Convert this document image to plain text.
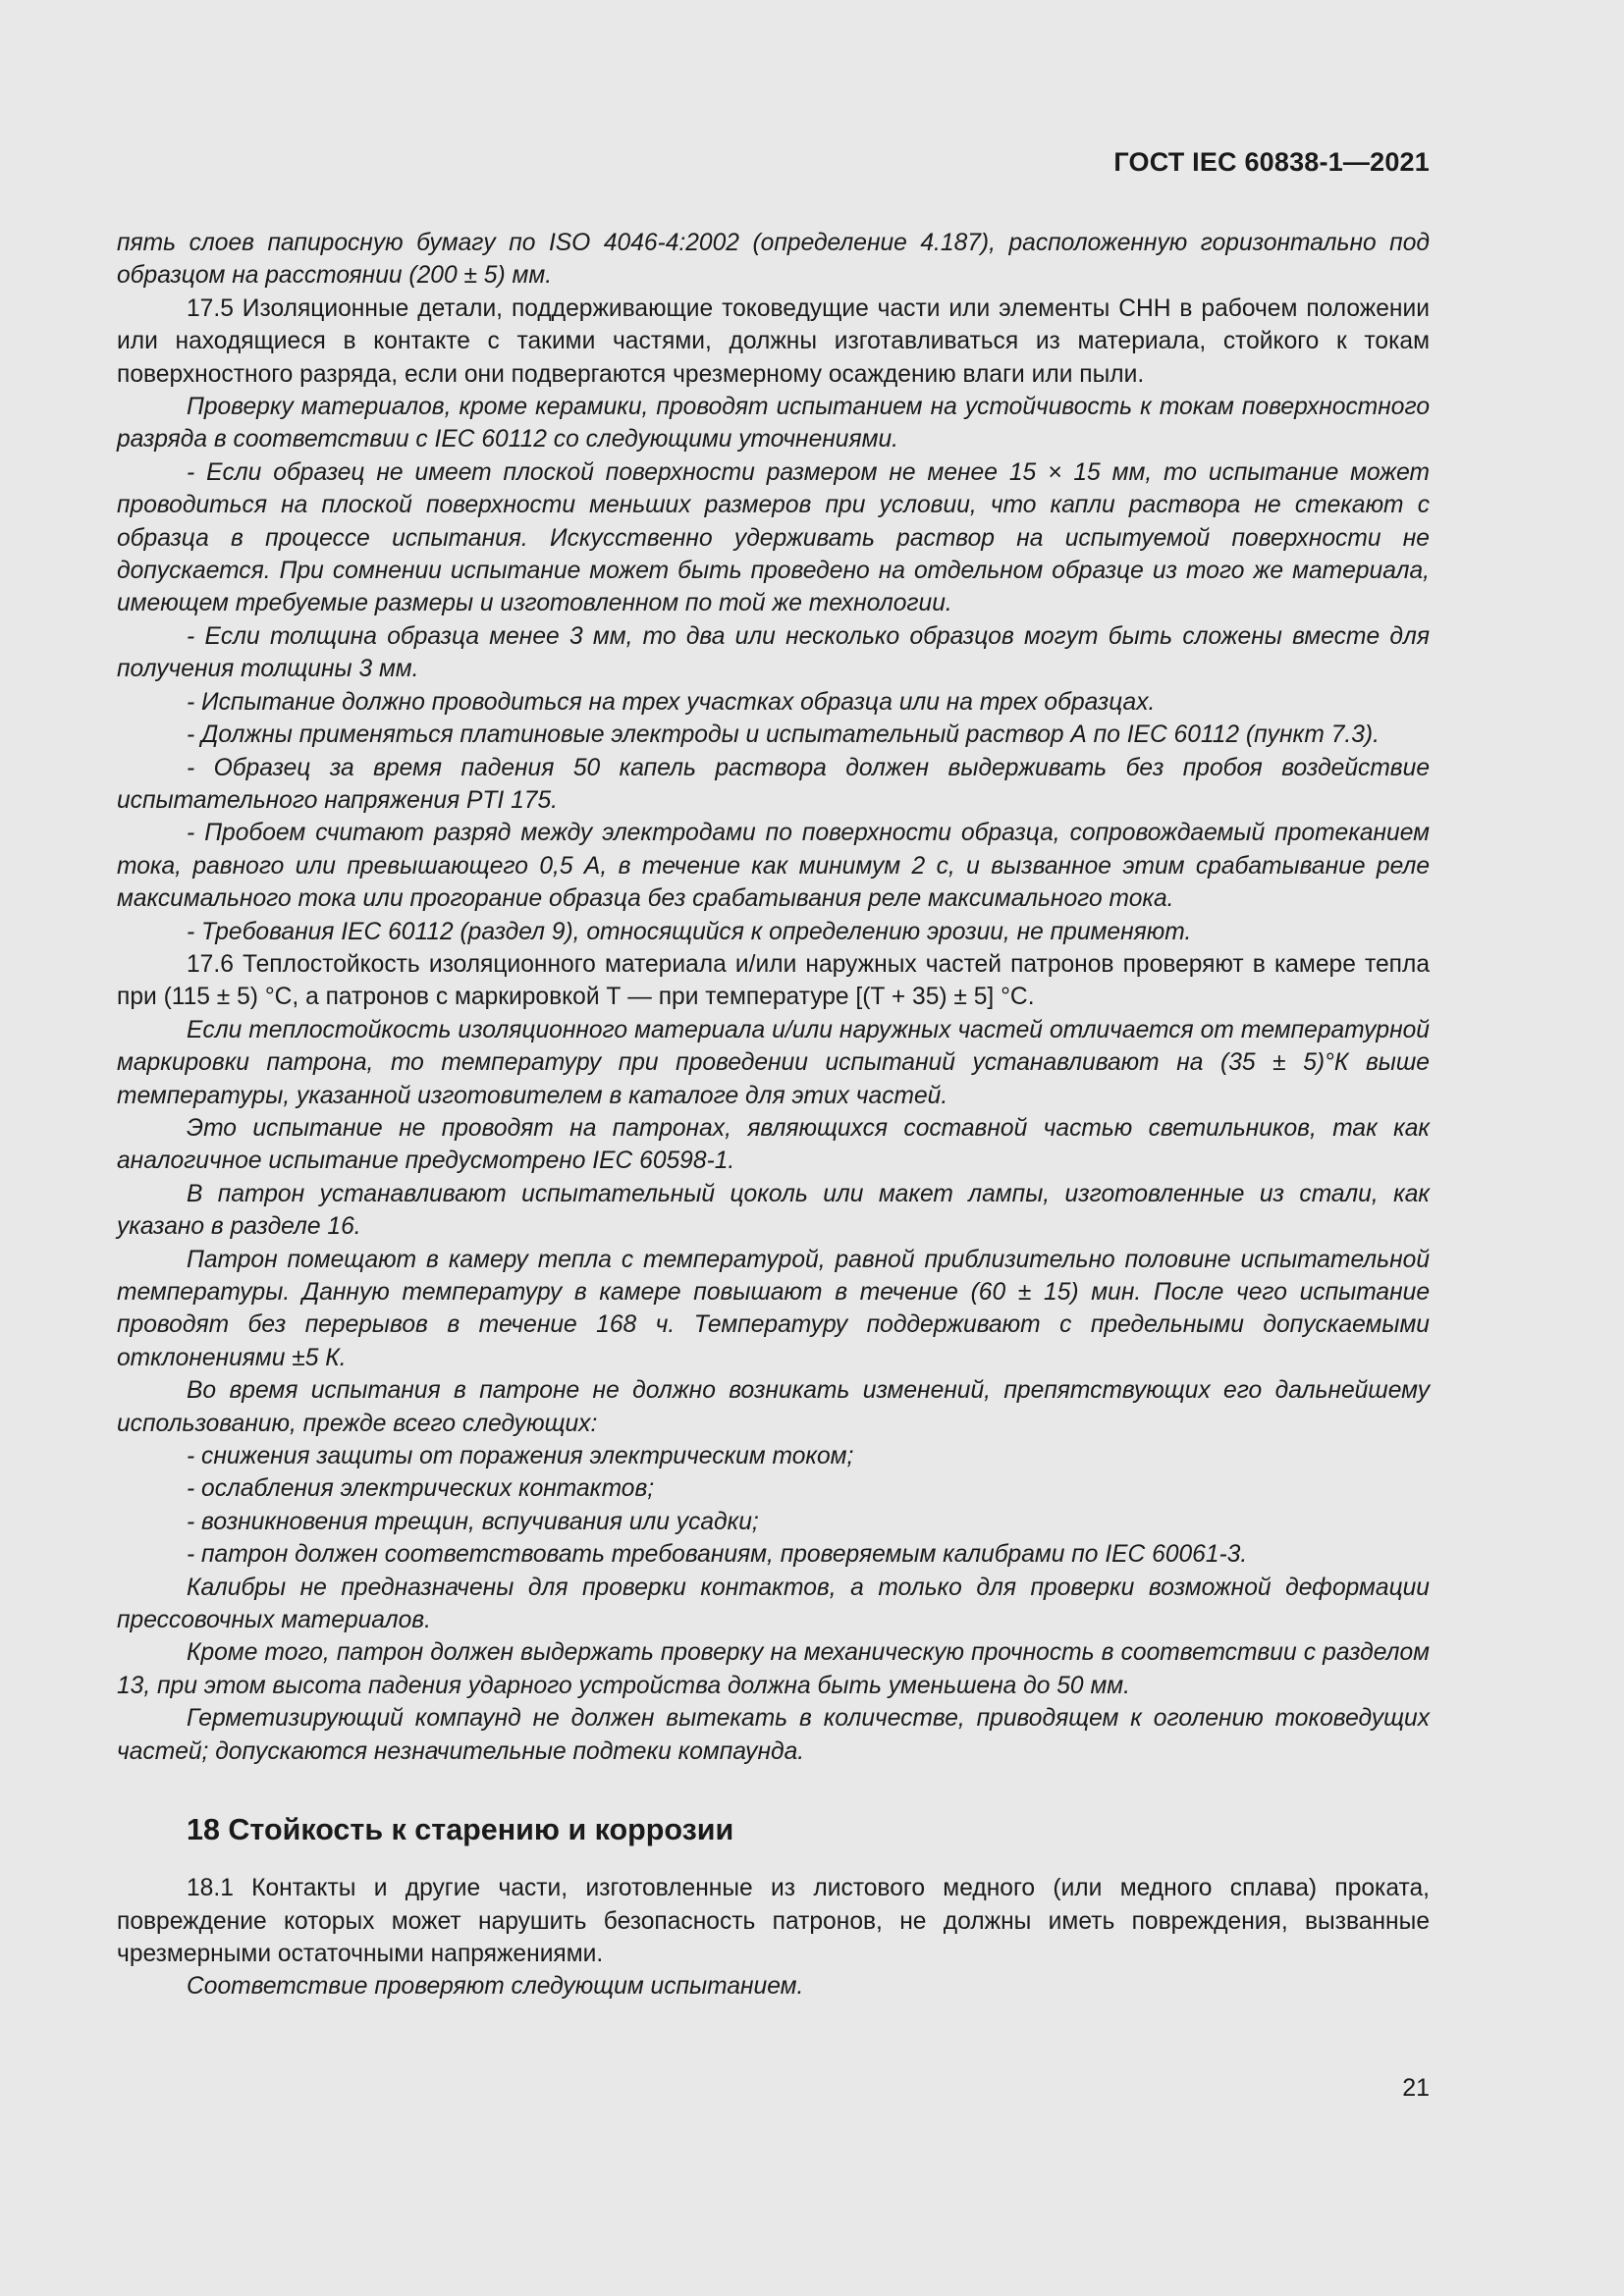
ГОСТ IEC 60838-1—2021

пять слоев папиросную бумагу по ISO 4046-4:2002 (определение 4.187), расположенную горизонтально под образцом на расстоянии (200 ± 5) мм.

17.5 Изоляционные детали, поддерживающие токоведущие части или элементы СНН в рабочем положении или находящиеся в контакте с такими частями, должны изготавливаться из материала, стойкого к токам поверхностного разряда, если они подвергаются чрезмерному осаждению влаги или пыли.

Проверку материалов, кроме керамики, проводят испытанием на устойчивость к токам поверхностного разряда в соответствии с IEC 60112 со следующими уточнениями.

- Если образец не имеет плоской поверхности размером не менее 15 × 15 мм, то испытание может проводиться на плоской поверхности меньших размеров при условии, что капли раствора не стекают с образца в процессе испытания. Искусственно удерживать раствор на испытуемой поверхности не допускается. При сомнении испытание может быть проведено на отдельном образце из того же материала, имеющем требуемые размеры и изготовленном по той же технологии.

- Если толщина образца менее 3 мм, то два или несколько образцов могут быть сложены вместе для получения толщины 3 мм.

- Испытание должно проводиться на трех участках образца или на трех образцах.

- Должны применяться платиновые электроды и испытательный раствор А по IEC 60112 (пункт 7.3).

- Образец за время падения 50 капель раствора должен выдерживать без пробоя воздействие испытательного напряжения PTI 175.

- Пробоем считают разряд между электродами по поверхности образца, сопровождаемый протеканием тока, равного или превышающего 0,5 А, в течение как минимум 2 с, и вызванное этим срабатывание реле максимального тока или прогорание образца без срабатывания реле максимального тока.

- Требования IEC 60112 (раздел 9), относящийся к определению эрозии, не применяют.

17.6 Теплостойкость изоляционного материала и/или наружных частей патронов проверяют в камере тепла при (115 ± 5) °С, а патронов с маркировкой Т — при температуре [(T + 35) ± 5] °C.

Если теплостойкость изоляционного материала и/или наружных частей отличается от температурной маркировки патрона, то температуру при проведении испытаний устанавливают на (35 ± 5)°К выше температуры, указанной изготовителем в каталоге для этих частей.

Это испытание не проводят на патронах, являющихся составной частью светильников, так как аналогичное испытание предусмотрено IEC 60598-1.

В патрон устанавливают испытательный цоколь или макет лампы, изготовленные из стали, как указано в разделе 16.

Патрон помещают в камеру тепла с температурой, равной приблизительно половине испытательной температуры. Данную температуру в камере повышают в течение (60 ± 15) мин. После чего испытание проводят без перерывов в течение 168 ч. Температуру поддерживают с предельными допускаемыми отклонениями ±5 К.

Во время испытания в патроне не должно возникать изменений, препятствующих его дальнейшему использованию, прежде всего следующих:

- снижения защиты от поражения электрическим током;

- ослабления электрических контактов;

- возникновения трещин, вспучивания или усадки;

- патрон должен соответствовать требованиям, проверяемым калибрами по IEC 60061-3.

Калибры не предназначены для проверки контактов, а только для проверки возможной деформации прессовочных материалов.

Кроме того, патрон должен выдержать проверку на механическую прочность в соответствии с разделом 13, при этом высота падения ударного устройства должна быть уменьшена до 50 мм.

Герметизирующий компаунд не должен вытекать в количестве, приводящем к оголению токоведущих частей; допускаются незначительные подтеки компаунда.

18 Стойкость к старению и коррозии

18.1 Контакты и другие части, изготовленные из листового медного (или медного сплава) проката, повреждение которых может нарушить безопасность патронов, не должны иметь повреждения, вызванные чрезмерными остаточными напряжениями.

Соответствие проверяют следующим испытанием.

21
